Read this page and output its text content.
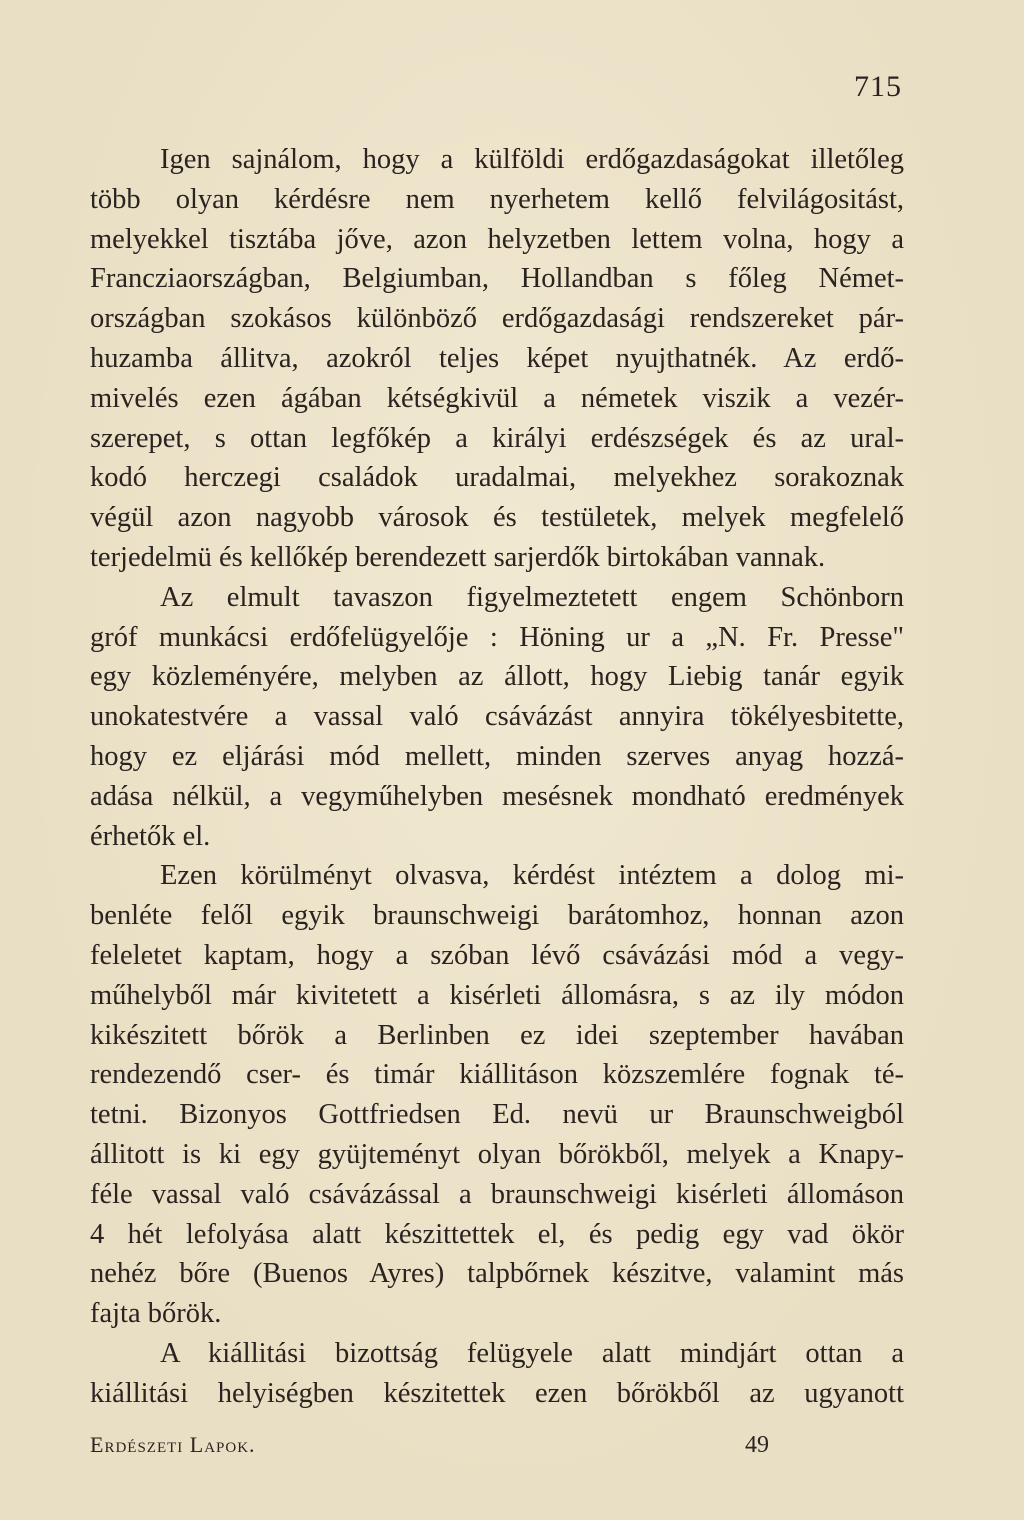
715

Igen sajnálom, hogy a külföldi erdőgazdaságokat illetőleg
több olyan kérdésre nem nyerhetem kellő felvilágositást,
melyekkel tisztába jőve, azon helyzetben lettem volna, hogy a
Francziaországban, Belgiumban, Hollandban s főleg Német-
országban szokásos különböző erdőgazdasági rendszereket pár-
huzamba állitva, azokról teljes képet nyujthatnék. Az erdő-
mivelés ezen ágában kétségkivül a németek viszik a vezér-
szerepet, s ottan legfőkép a királyi erdészségek és az ural-
kodó herczegi családok uradalmai, melyekhez sorakoznak
végül azon nagyobb városok és testületek, melyek megfelelő
terjedelmü és kellőkép berendezett sarjerdők birtokában vannak.

Az elmult tavaszon figyelmeztetett engem Schönborn
gróf munkácsi erdőfelügyelője : Höning ur a „N. Fr. Presse"
egy közleményére, melyben az állott, hogy Liebig tanár egyik
unokatestvére a vassal való csávázást annyira tökélyesbitette,
hogy ez eljárási mód mellett, minden szerves anyag hozzá-
adása nélkül, a vegyműhelyben mesésnek mondható eredmények
érhetők el.

Ezen körülményt olvasva, kérdést intéztem a dolog mi-
benléte felől egyik braunschweigi barátomhoz, honnan azon
feleletet kaptam, hogy a szóban lévő csávázási mód a vegy-
műhelyből már kivitetett a kisérleti állomásra, s az ily módon
kikészitett bőrök a Berlinben ez idei szeptember havában
rendezendő cser- és timár kiállitáson közszemlére fognak té-
tetni. Bizonyos Gottfriedsen Ed. nevü ur Braunschweigból
állitott is ki egy gyüjteményt olyan bőrökből, melyek a Knapy-
féle vassal való csávázással a braunschweigi kisérleti állomáson
4 hét lefolyása alatt készittettek el, és pedig egy vad ökör
nehéz bőre (Buenos Ayres) talpbőrnek készitve, valamint más
fajta bőrök.

A kiállitási bizottság felügyele alatt mindjárt ottan a
kiállitási helyiségben készitettek ezen bőrökből az ugyanott

Erdészeti Lapok.	49
